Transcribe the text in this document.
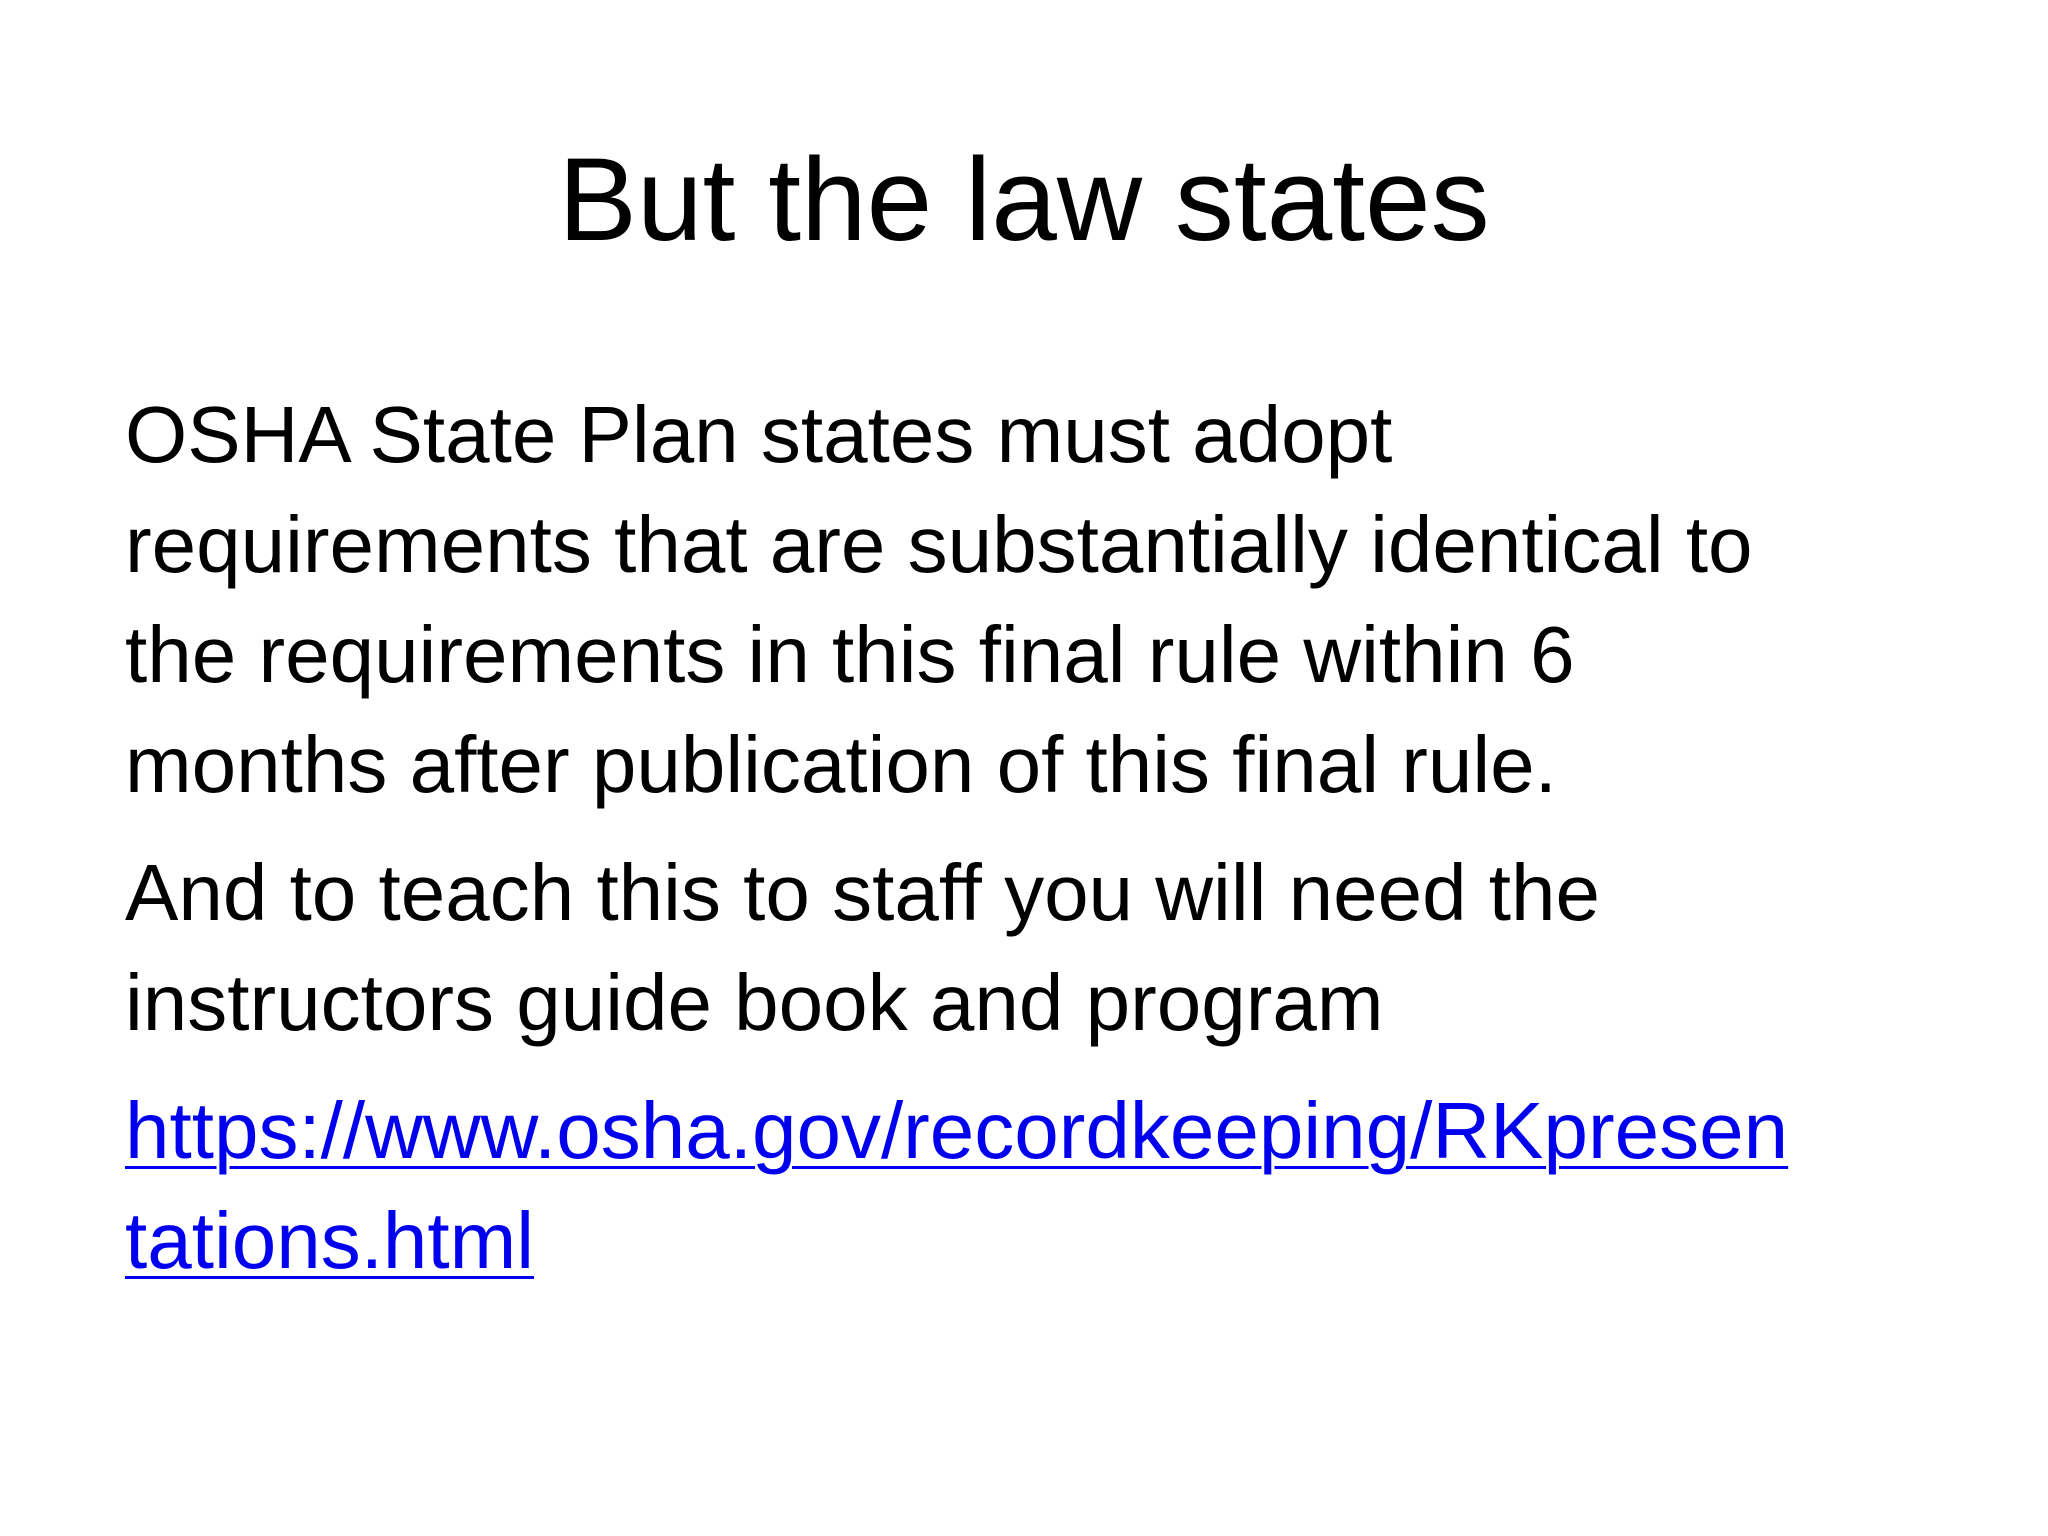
But the law states

OSHA State Plan states must adopt
requirements that are substantially identical to
the requirements in this final rule within 6
months after publication of this final rule.

And to teach this to staff you will need the
instructors guide book and program

https://www.osha.gov/recordkeeping/RKpresen
tations.html
